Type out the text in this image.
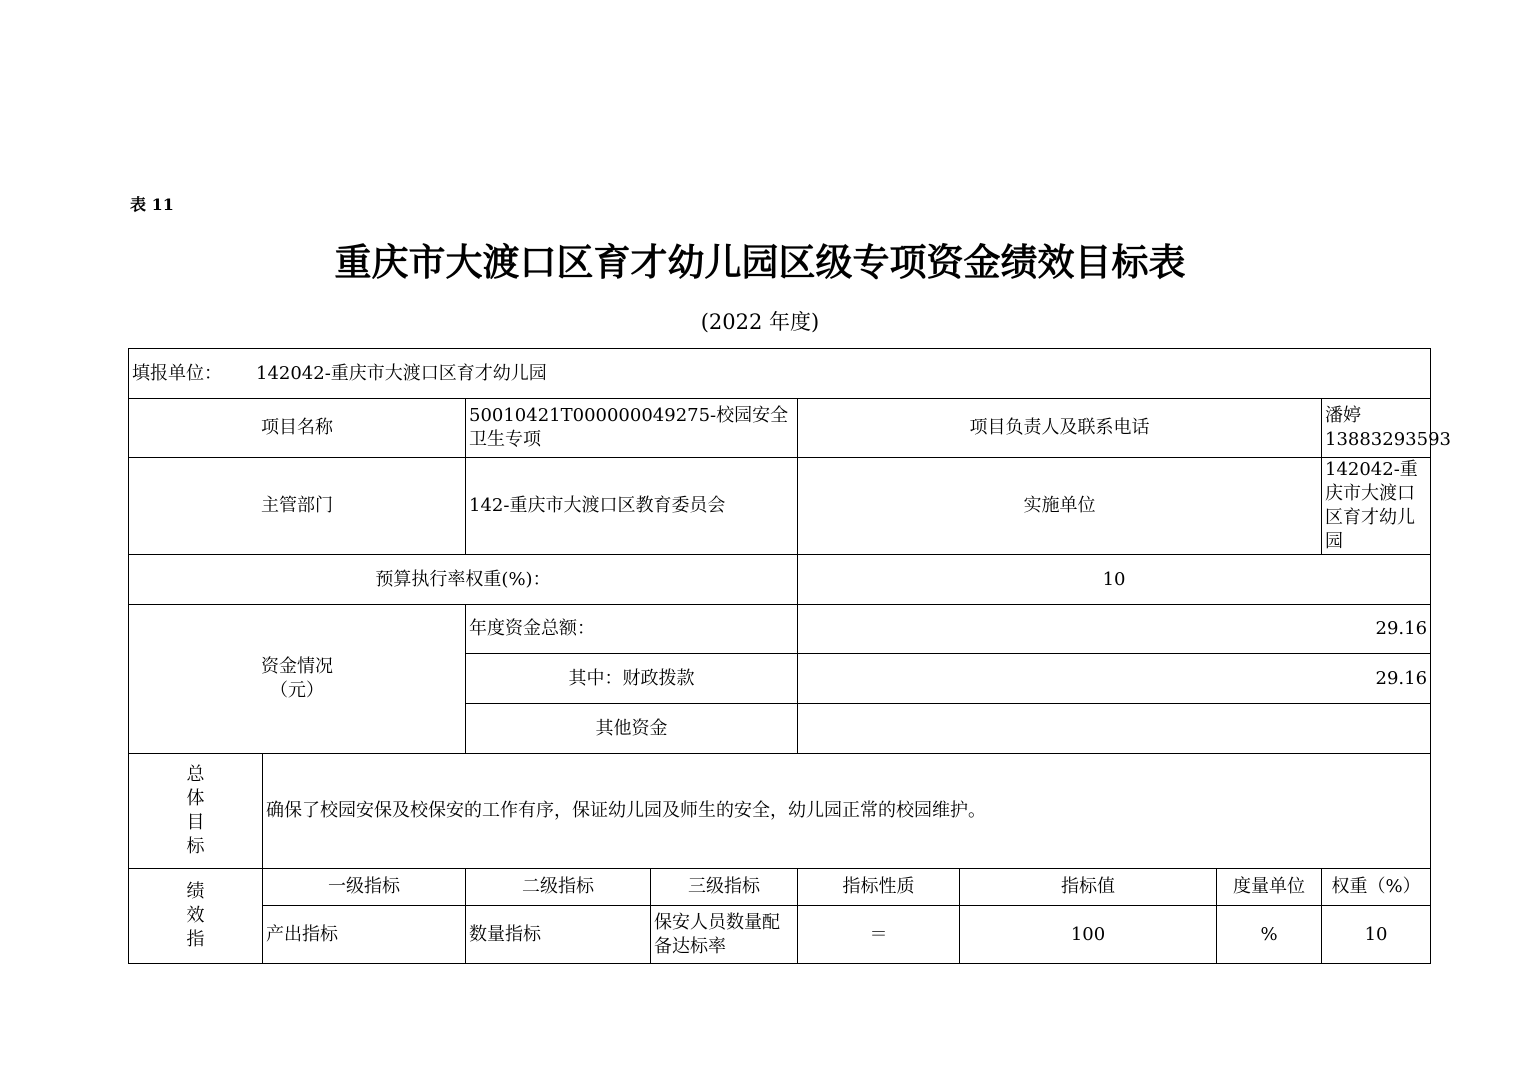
表 11
重庆市大渡口区育才幼儿园区级专项资金绩效目标表
(2022 年度)
填报单位： 142042-重庆市大渡口区育才幼儿园							
项目名称		50010421T000000049275-校园安全卫生专项		项目负责人及联系电话			潘婷 13883293593
主管部门		142-重庆市大渡口区教育委员会		实施单位			142042-重庆市大渡口区育才幼儿园
预算执行率权重(%)：				10			

资金情况
（元）		年度资金总额：		29.16			
		其中：财政拨款		29.16			
		其他资金					

总
体
目
标	确保了校园安保及校保安的工作有序，保证幼儿园及师生的安全，幼儿园正常的校园维护。						

绩
效
指	一级指标	二级指标	三级指标	指标性质	指标值	度量单位	权重（%）
	产出指标	数量指标	保安人员数量配备达标率	＝	100	%	10
